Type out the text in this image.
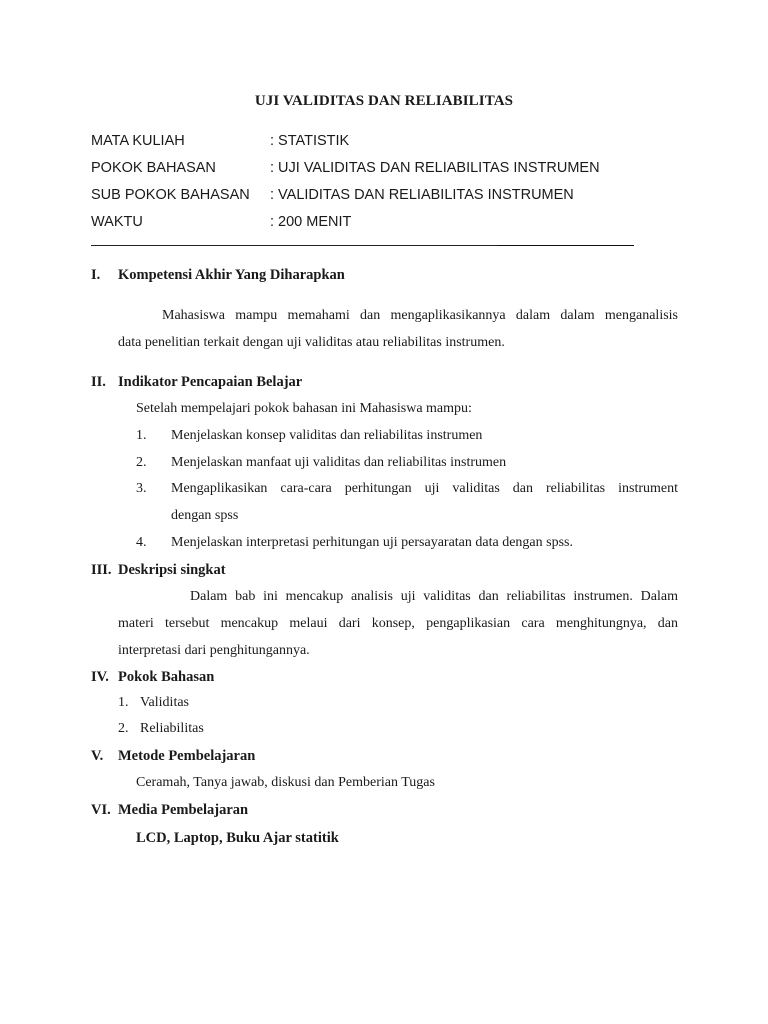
UJI VALIDITAS DAN RELIABILITAS
MATA KULIAH	: STATISTIK
POKOK BAHASAN	: UJI VALIDITAS DAN RELIABILITAS INSTRUMEN
SUB POKOK BAHASAN : VALIDITAS DAN RELIABILITAS INSTRUMEN
WAKTU	: 200 MENIT
I. Kompetensi Akhir Yang Diharapkan
Mahasiswa mampu memahami dan mengaplikasikannya dalam dalam menganalisis
data penelitian terkait dengan uji validitas atau reliabilitas instrumen.
II. Indikator Pencapaian Belajar
Setelah mempelajari pokok bahasan ini Mahasiswa mampu:
1. Menjelaskan konsep validitas dan reliabilitas instrumen
2. Menjelaskan manfaat uji validitas dan reliabilitas instrumen
3. Mengaplikasikan cara-cara perhitungan uji validitas dan reliabilitas instrument
dengan spss
4. Menjelaskan interpretasi perhitungan uji persayaratan data dengan spss.
III. Deskripsi singkat
Dalam bab ini mencakup analisis uji validitas dan reliabilitas instrumen. Dalam
materi tersebut mencakup melaui dari konsep, pengaplikasian cara menghitungnya, dan
interpretasi dari penghitungannya.
IV. Pokok Bahasan
1. Validitas
2. Reliabilitas
V. Metode Pembelajaran
Ceramah, Tanya jawab, diskusi dan Pemberian Tugas
VI. Media Pembelajaran
LCD, Laptop, Buku Ajar statitik
